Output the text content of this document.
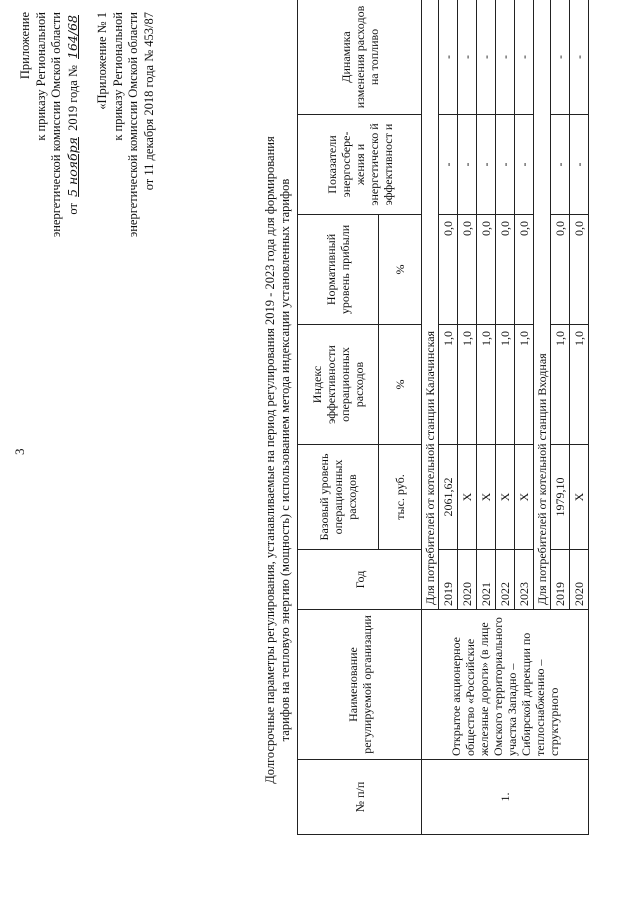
3
Приложение к приказу Региональной энергетической комиссии Омской области от 5 ноября 2019 года № 164/68 «Приложение № 1 к приказу Региональной энергетической комиссии Омской области от 11 декабря 2018 года № 453/87
Долгосрочные параметры регулирования, устанавливаемые на период регулирования 2019 - 2023 года для формирования тарифов на тепловую энергию (мощность) с использованием метода индексации установленных тарифов
№ п/п	Наименование регулируемой организации	Год	Базовый уровень операционных расходов	Индекс эффективности операционных расходов	Нормативный уровень прибыли	Показатели энергосбере- жения и энергетическо й эффективност и	Динамика изменения расходов на топливо
			тыс. руб.	%	%		
1.	Открытое акционерное общество «Российские железные дороги» (в лице Омского территориального участка Западно – Сибирской дирекции по теплоснабжению – структурного	Для потребителей от котельной станции Калачинская					
		2019	2061,62	1,0	0,0	-	-
		2020	X	1,0	0,0	-	-
		2021	X	1,0	0,0	-	-
		2022	X	1,0	0,0	-	-
		2023	X	1,0	0,0	-	-
		Для потребителей от котельной станции Входная					
		2019	1979,10	1,0	0,0	-	-
		2020	X	1,0	0,0	-	-
